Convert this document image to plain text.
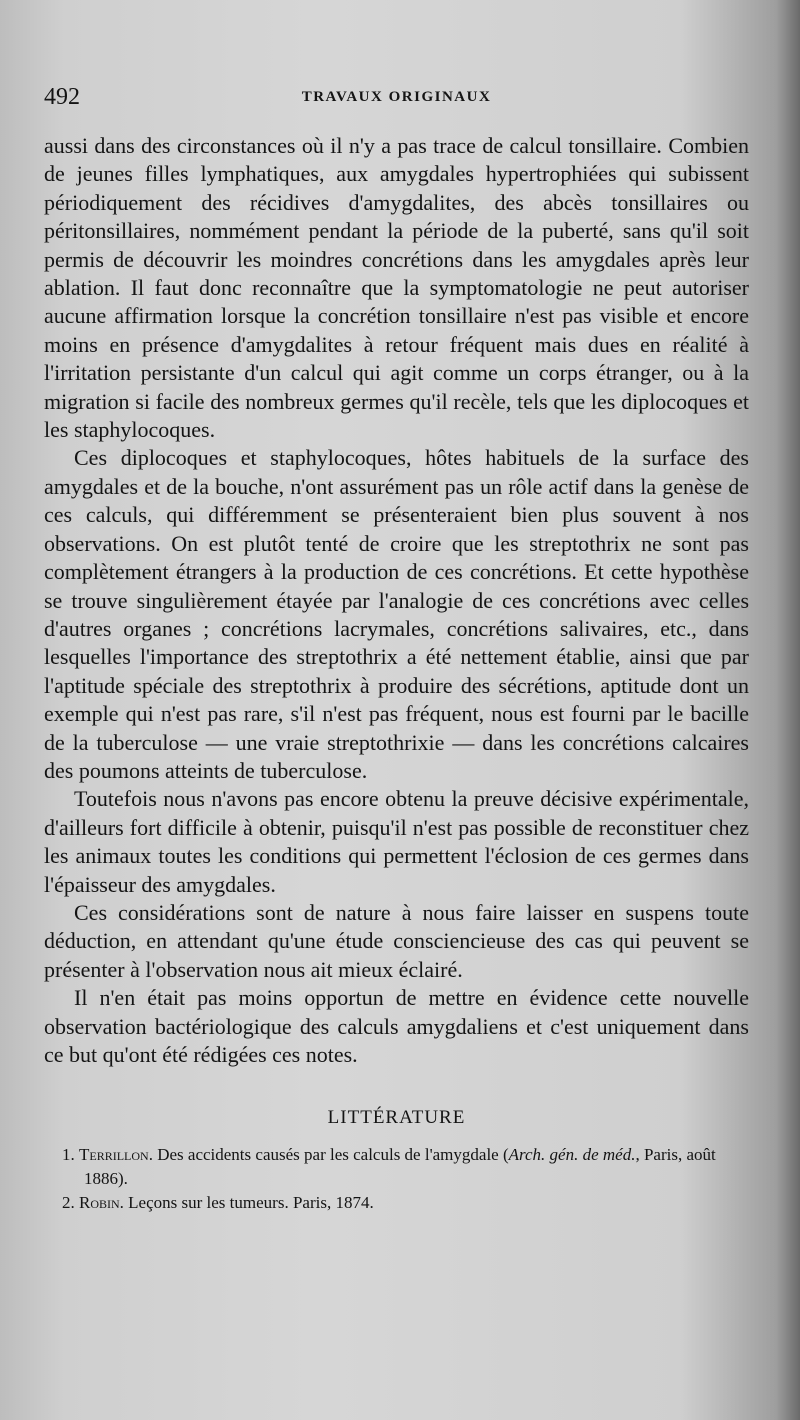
492	TRAVAUX ORIGINAUX

aussi dans des circonstances où il n'y a pas trace de calcul tonsillaire. Combien de jeunes filles lymphatiques, aux amygdales hypertrophiées qui subissent périodiquement des récidives d'amygdalites, des abcès tonsillaires ou péritonsillaires, nommément pendant la période de la puberté, sans qu'il soit permis de découvrir les moindres concrétions dans les amygdales après leur ablation. Il faut donc reconnaître que la symptomatologie ne peut autoriser aucune affirmation lorsque la concrétion tonsillaire n'est pas visible et encore moins en présence d'amygdalites à retour fréquent mais dues en réalité à l'irritation persistante d'un calcul qui agit comme un corps étranger, ou à la migration si facile des nombreux germes qu'il recèle, tels que les diplocoques et les staphylocoques.

Ces diplocoques et staphylocoques, hôtes habituels de la surface des amygdales et de la bouche, n'ont assurément pas un rôle actif dans la genèse de ces calculs, qui différemment se présenteraient bien plus souvent à nos observations. On est plutôt tenté de croire que les streptothrix ne sont pas complètement étrangers à la production de ces concrétions. Et cette hypothèse se trouve singulièrement étayée par l'analogie de ces concrétions avec celles d'autres organes ; concrétions lacrymales, concrétions salivaires, etc., dans lesquelles l'importance des streptothrix a été nettement établie, ainsi que par l'aptitude spéciale des streptothrix à produire des sécrétions, aptitude dont un exemple qui n'est pas rare, s'il n'est pas fréquent, nous est fourni par le bacille de la tuberculose — une vraie streptothrixie — dans les concrétions calcaires des poumons atteints de tuberculose.

Toutefois nous n'avons pas encore obtenu la preuve décisive expérimentale, d'ailleurs fort difficile à obtenir, puisqu'il n'est pas possible de reconstituer chez les animaux toutes les conditions qui permettent l'éclosion de ces germes dans l'épaisseur des amygdales.

Ces considérations sont de nature à nous faire laisser en suspens toute déduction, en attendant qu'une étude consciencieuse des cas qui peuvent se présenter à l'observation nous ait mieux éclairé.

Il n'en était pas moins opportun de mettre en évidence cette nouvelle observation bactériologique des calculs amygdaliens et c'est uniquement dans ce but qu'ont été rédigées ces notes.

LITTÉRATURE

1. Terrillon. Des accidents causés par les calculs de l'amygdale (Arch. gén. de méd., Paris, août 1886).

2. Robin. Leçons sur les tumeurs. Paris, 1874.
